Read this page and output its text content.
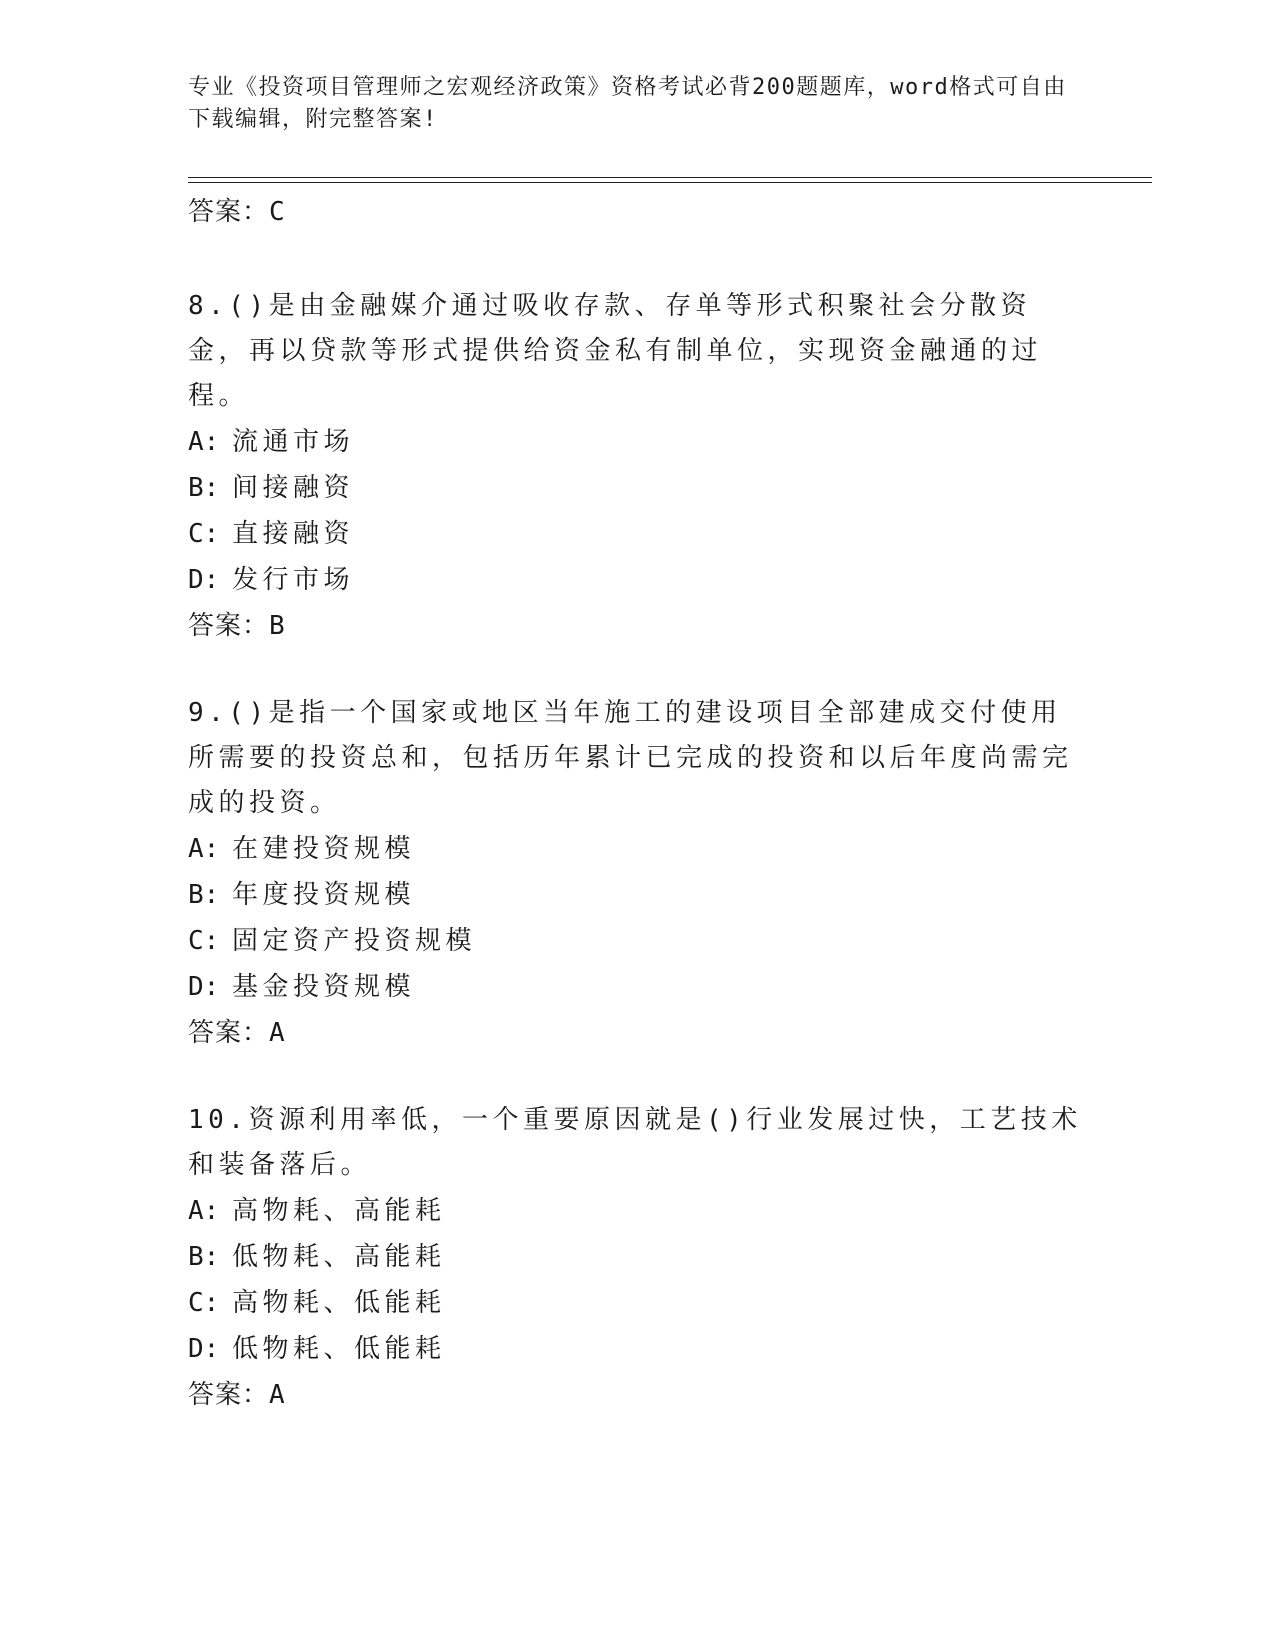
专业《投资项目管理师之宏观经济政策》资格考试必背200题题库，word格式可自由下载编辑，附完整答案!
答案：C

8.()是由金融媒介通过吸收存款、存单等形式积聚社会分散资金，再以贷款等形式提供给资金私有制单位，实现资金融通的过程。

A: 流通市场

B: 间接融资

C: 直接融资

D: 发行市场

答案：B

9.()是指一个国家或地区当年施工的建设项目全部建成交付使用所需要的投资总和，包括历年累计已完成的投资和以后年度尚需完成的投资。

A: 在建投资规模

B: 年度投资规模

C: 固定资产投资规模

D: 基金投资规模

答案：A

10.资源利用率低，一个重要原因就是()行业发展过快，工艺技术和装备落后。

A: 高物耗、高能耗

B: 低物耗、高能耗

C: 高物耗、低能耗

D: 低物耗、低能耗

答案：A
